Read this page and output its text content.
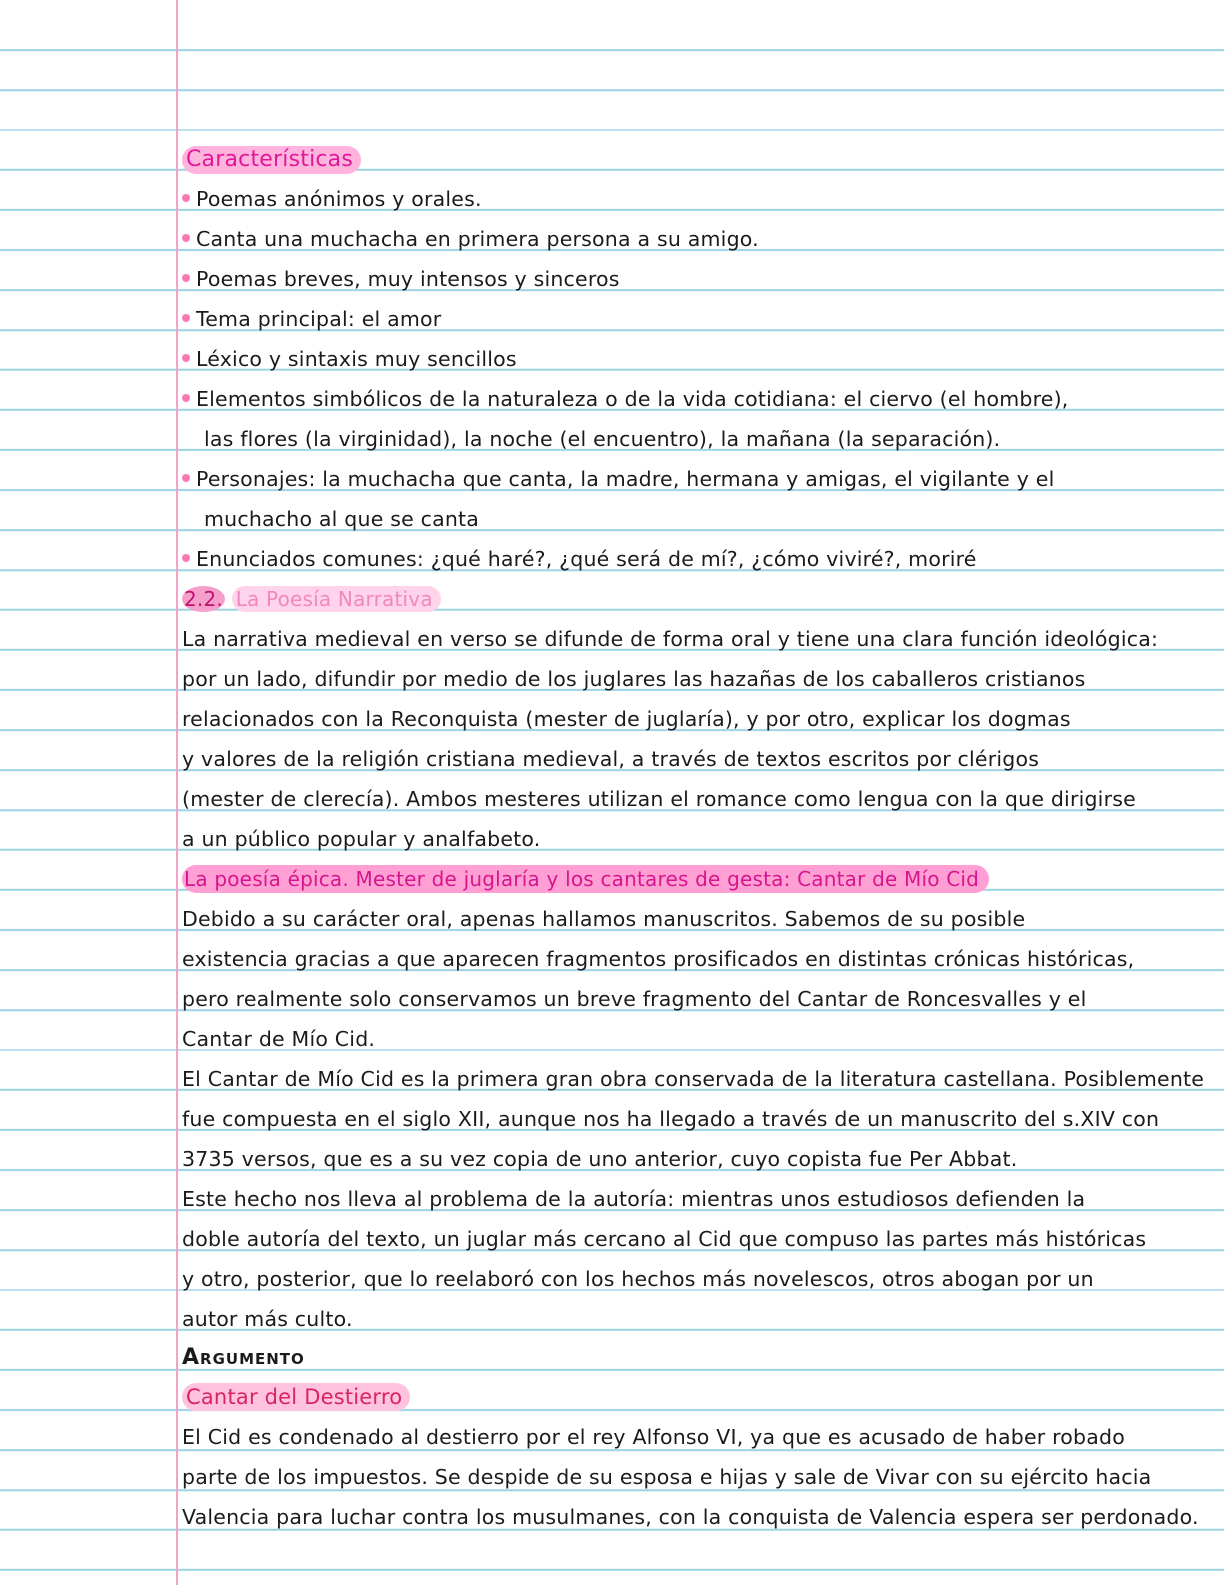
Características
Poemas anónimos y orales.
Canta una muchacha en primera persona a su amigo.
Poemas breves, muy intensos y sinceros
Tema principal: el amor
Léxico y sintaxis muy sencillos
Elementos simbólicos de la naturaleza o de la vida cotidiana: el ciervo (el hombre),
las flores (la virginidad), la noche (el encuentro), la mañana (la separación).
Personajes: la muchacha que canta, la madre, hermana y amigas, el vigilante y el
muchacho al que se canta
Enunciados comunes: ¿qué haré?, ¿qué será de mí?, ¿cómo viviré?, moriré
2.2. La Poesía Narrativa
La narrativa medieval en verso se difunde de forma oral y tiene una clara función ideológica:
por un lado, difundir por medio de los juglares las hazañas de los caballeros cristianos
relacionados con la Reconquista (mester de juglaría), y por otro, explicar los dogmas
y valores de la religión cristiana medieval, a través de textos escritos por clérigos
(mester de clerecía). Ambos mesteres utilizan el romance como lengua con la que dirigirse
a un público popular y analfabeto.
La poesía épica. Mester de juglaría y los cantares de gesta: Cantar de Mío Cid
Debido a su carácter oral, apenas hallamos manuscritos. Sabemos de su posible
existencia gracias a que aparecen fragmentos prosificados en distintas crónicas históricas,
pero realmente solo conservamos un breve fragmento del Cantar de Roncesvalles y el
Cantar de Mío Cid.
El Cantar de Mío Cid es la primera gran obra conservada de la literatura castellana. Posiblemente
fue compuesta en el siglo XII, aunque nos ha llegado a través de un manuscrito del s.XIV con
3735 versos, que es a su vez copia de uno anterior, cuyo copista fue Per Abbat.
Este hecho nos lleva al problema de la autoría: mientras unos estudiosos defienden la
doble autoría del texto, un juglar más cercano al Cid que compuso las partes más históricas
y otro, posterior, que lo reelaboró con los hechos más novelescos, otros abogan por un
autor más culto.
Argumento
Cantar del Destierro
El Cid es condenado al destierro por el rey Alfonso VI, ya que es acusado de haber robado
parte de los impuestos. Se despide de su esposa e hijas y sale de Vivar con su ejército hacia
Valencia para luchar contra los musulmanes, con la conquista de Valencia espera ser perdonado.
